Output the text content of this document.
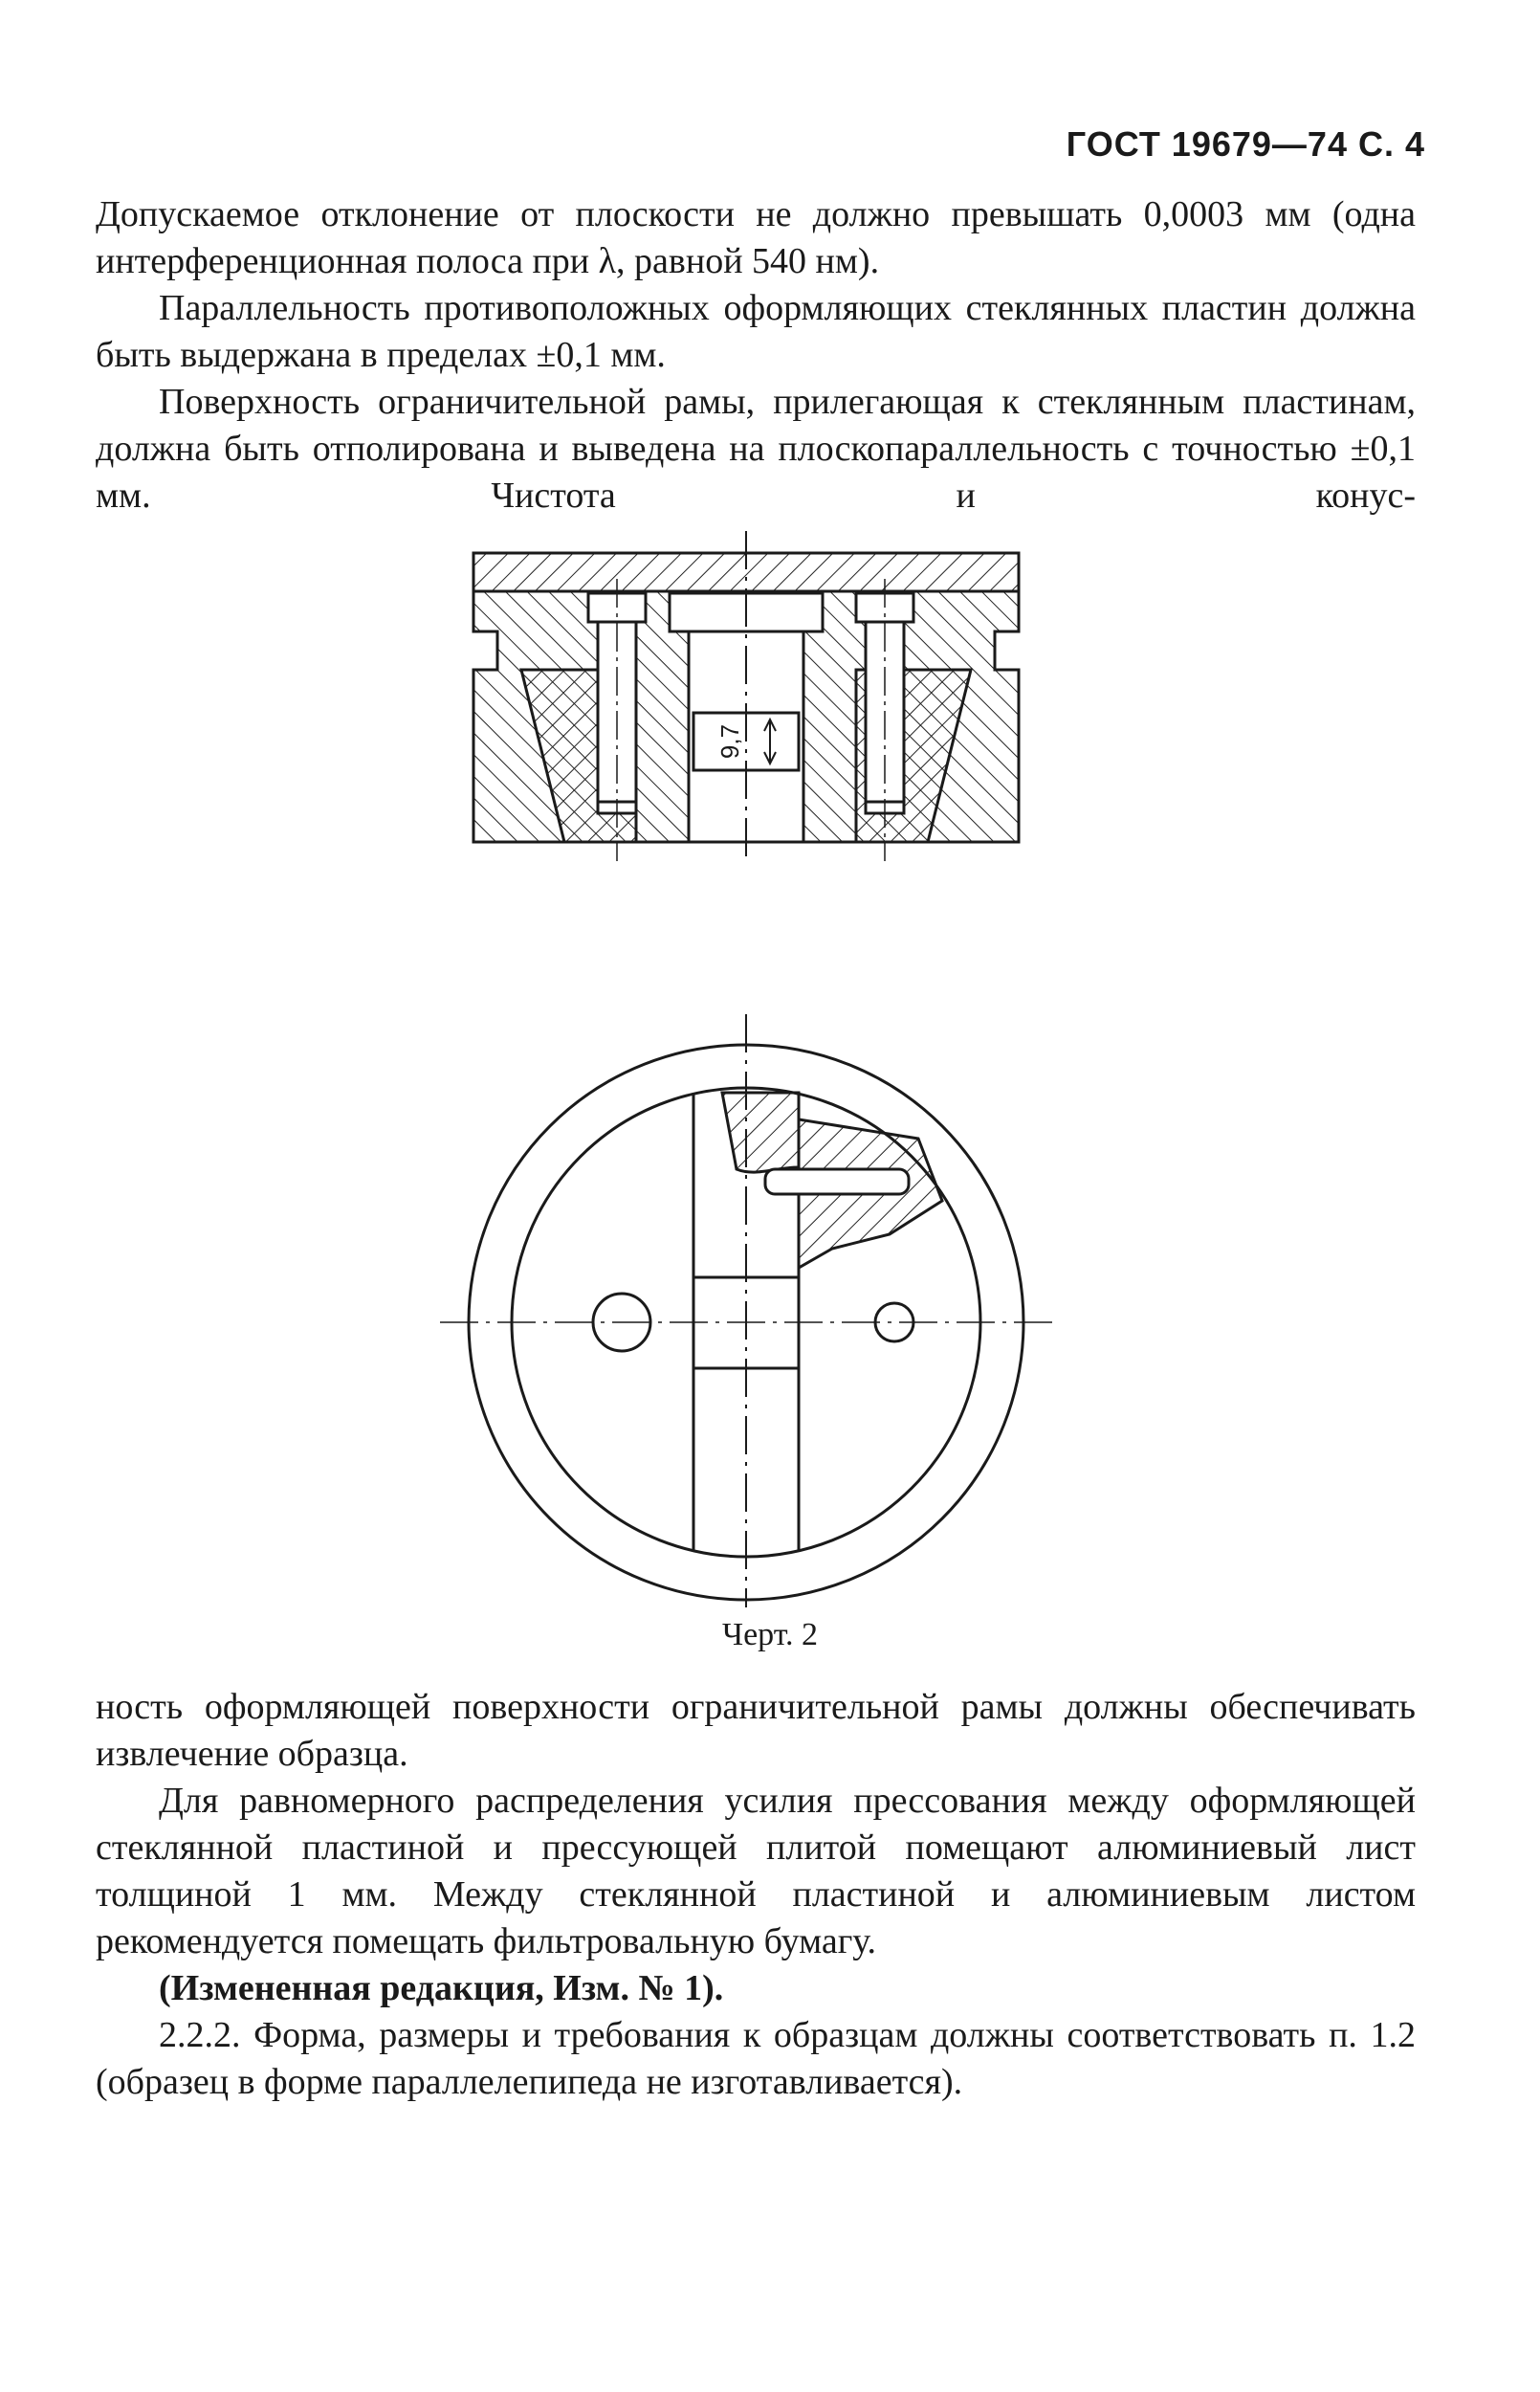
ГОСТ 19679—74 С. 4

Допускаемое отклонение от плоскости не должно превышать 0,0003 мм (одна интерференционная полоса при λ, равной 540 нм).

Параллельность противоположных оформляющих стеклянных пластин должна быть выдержана в пределах ±0,1 мм.

Поверхность ограничительной рамы, прилегающая к стеклянным пластинам, должна быть отполирована и выведена на плоскопараллельность с точностью ±0,1 мм. Чистота и конус-

9,7
Черт. 2

ность оформляющей поверхности ограничительной рамы должны обеспечивать извлечение образца.

Для равномерного распределения усилия прессования между оформляющей стеклянной пластиной и прессующей плитой помещают алюминиевый лист толщиной 1 мм. Между стеклянной пластиной и алюминиевым листом рекомендуется помещать фильтровальную бумагу.

(Измененная редакция, Изм. № 1).

2.2.2. Форма, размеры и требования к образцам должны соответствовать п. 1.2 (образец в форме параллелепипеда не изготавливается).
